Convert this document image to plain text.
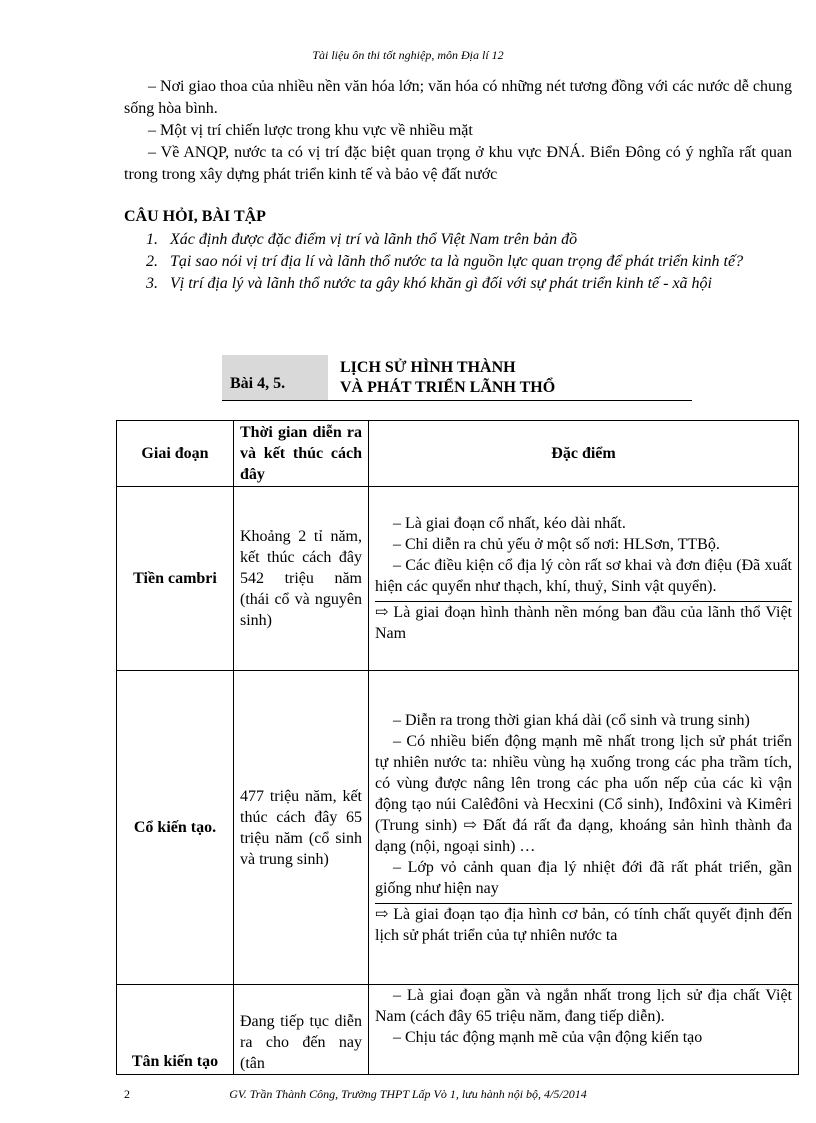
Tài liệu ôn thi tốt nghiệp, môn Địa lí 12

– Nơi giao thoa của nhiều nền văn hóa lớn; văn hóa có những nét tương đồng với các nước dễ chung sống hòa bình.

– Một vị trí chiến lược trong khu vực về nhiều mặt

– Về ANQP, nước ta có vị trí đặc biệt quan trọng ở khu vực ĐNÁ. Biển Đông có ý nghĩa rất quan trong trong xây dựng phát triển kinh tế và bảo vệ đất nước

CÂU HỎI, BÀI TẬP
1. Xác định được đặc điểm vị trí và lãnh thổ Việt Nam trên bản đồ
2. Tại sao nói vị trí địa lí và lãnh thổ nước ta là nguồn lực quan trọng để phát triển kinh tế?
3. Vị trí địa lý và lãnh thổ nước ta gây khó khăn gì đối với sự phát triển kinh tế - xã hội
Bài 4, 5.
LỊCH SỬ HÌNH THÀNH
VÀ PHÁT TRIỂN LÃNH THỔ
Giai đoạn	Thời gian diễn ra và kết thúc cách đây	Đặc điểm
Tiền cambri	Khoảng 2 tỉ năm, kết thúc cách đây 542 triệu năm (thái cổ và nguyên sinh)	– Là giai đoạn cổ nhất, kéo dài nhất.

– Chỉ diễn ra chủ yếu ở một số nơi: HLSơn, TTBộ.

– Các điều kiện cổ địa lý còn rất sơ khai và đơn điệu (Đã xuất hiện các quyển như thạch, khí, thuỷ, Sinh vật quyển).

⇨ Là giai đoạn hình thành nền móng ban đầu của lãnh thổ Việt Nam

Cổ kiến tạo.	477 triệu năm, kết thúc cách đây 65 triệu năm (cổ sinh và trung sinh)	– Diễn ra trong thời gian khá dài (cổ sinh và trung sinh)

– Có nhiều biến động mạnh mẽ nhất trong lịch sử phát triển tự nhiên nước ta: nhiều vùng hạ xuống trong các pha trầm tích, có vùng được nâng lên trong các pha uốn nếp của các kì vận động tạo núi Calêđôni và Hecxini (Cổ sinh), Inđôxini và Kimêri (Trung sinh) ⇨ Đất đá rất đa dạng, khoáng sản hình thành đa dạng (nội, ngoại sinh) …

– Lớp vỏ cảnh quan địa lý nhiệt đới đã rất phát triển, gần giống như hiện nay

⇨ Là giai đoạn tạo địa hình cơ bản, có tính chất quyết định đến lịch sử phát triển của tự nhiên nước ta

Tân kiến tạo	Đang tiếp tục diễn ra cho đến nay (tân	– Là giai đoạn gần và ngắn nhất trong lịch sử địa chất Việt Nam (cách đây 65 triệu năm, đang tiếp diễn).

– Chịu tác động mạnh mẽ của vận động kiến tạo

2	GV. Trần Thành Công, Trường THPT Lấp Vò 1, lưu hành nội bộ, 4/5/2014
